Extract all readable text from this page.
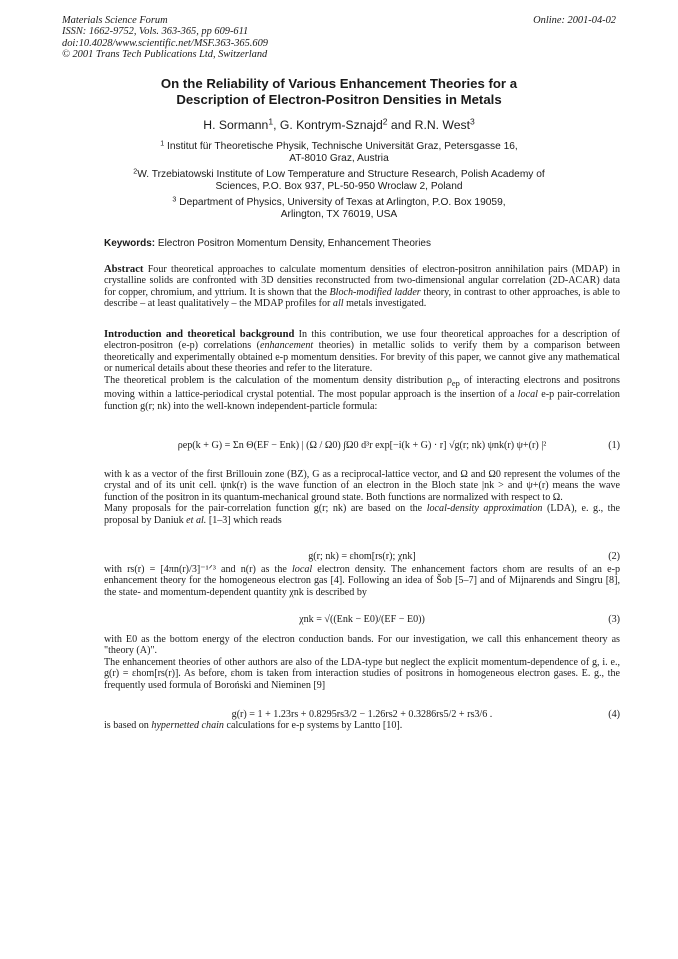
Materials Science Forum
ISSN: 1662-9752, Vols. 363-365, pp 609-611
doi:10.4028/www.scientific.net/MSF.363-365.609
© 2001 Trans Tech Publications Ltd, Switzerland
Online: 2001-04-02
On the Reliability of Various Enhancement Theories for a
Description of Electron-Positron Densities in Metals
H. Sormann$^1$, G. Kontrym-Sznajd$^2$ and R.N. West$^3$
$^1$ Institut für Theoretische Physik, Technische Universität Graz, Petersgasse 16,
AT-8010 Graz, Austria
$^2$W. Trzebiatowski Institute of Low Temperature and Structure Research, Polish Academy of
Sciences, P.O. Box 937, PL-50-950 Wroclaw 2, Poland
$^3$ Department of Physics, University of Texas at Arlington, P.O. Box 19059,
Arlington, TX 76019, USA
Keywords: Electron Positron Momentum Density, Enhancement Theories

Abstract Four theoretical approaches to calculate momentum densities of electron-positron annihilation pairs (MDAP) in crystalline solids are confronted with 3D densities reconstructed from two-dimensional angular correlation (2D-ACAR) data for copper, chromium, and yttrium. It is shown that the Bloch-modified ladder theory, in contrast to other approaches, is able to describe – at least qualitatively – the MDAP profiles for all metals investigated.

Introduction and theoretical background In this contribution, we use four theoretical approaches for a description of electron-positron (e-p) correlations (enhancement theories) in metallic solids to verify them by a comparison between theoretically and experimentally obtained e-p momentum densities. For brevity of this paper, we cannot give any mathematical or numerical details about these theories and refer to the literature.

The theoretical problem is the calculation of the momentum density distribution $\rho_{ep}$ of interacting electrons and positrons moving within a lattice-periodical crystal potential. The most popular approach is the insertion of a local e-p pair-correlation function g(r; nk) into the well-known independent-particle formula:

ρep(k + G) = Σn Θ(EF − Enk) | (Ω / Ω0) ∫Ω0 d³r exp[−i(k + G) · r] √g(r; nk) ψnk(r) ψ+(r) |²	(1)

with k as a vector of the first Brillouin zone (BZ), G as a reciprocal-lattice vector, and Ω and Ω0 represent the volumes of the crystal and of its unit cell. ψnk(r) is the wave function of an electron in the Bloch state |nk > and ψ+(r) means the wave function of the positron in its quantum-mechanical ground state. Both functions are normalized with respect to Ω.

Many proposals for the pair-correlation function g(r; nk) are based on the local-density approximation (LDA), e. g., the proposal by Daniuk et al. [1–3] which reads

g(r; nk) = εhom[rs(r); χnk]	(2)

with rs(r) = [4πn(r)/3]⁻¹ᐟ³ and n(r) as the local electron density. The enhancement factors εhom are results of an e-p enhancement theory for the homogeneous electron gas [4]. Following an idea of Šob [5–7] and of Mijnarends and Singru [8], the state- and momentum-dependent quantity χnk is described by

χnk = √((Enk − E0)/(EF − E0))	(3)

with E0 as the bottom energy of the electron conduction bands. For our investigation, we call this enhancement theory as "theory (A)".

The enhancement theories of other authors are also of the LDA-type but neglect the explicit momentum-dependence of g, i. e., g(r) = εhom[rs(r)]. As before, εhom is taken from interaction studies of positrons in homogeneous electron gases. E. g., the frequently used formula of Boroński and Nieminen [9]

g(r) = 1 + 1.23rs + 0.8295rs3/2 − 1.26rs2 + 0.3286rs5/2 + rs3/6 .	(4)

is based on hypernetted chain calculations for e-p systems by Lantto [10].
